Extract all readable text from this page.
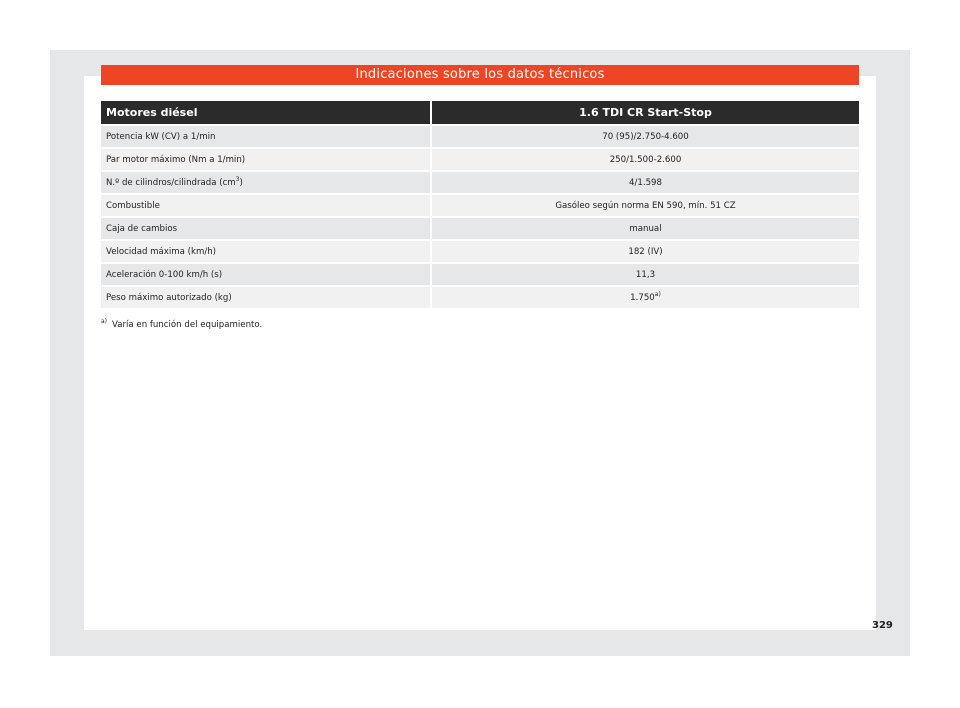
Indicaciones sobre los datos técnicos
Motores diésel	1.6 TDI CR Start-Stop
Potencia kW (CV) a 1/min	70 (95)/2.750-4.600
Par motor máximo (Nm a 1/min)	250/1.500-2.600
N.º de cilindros/cilindrada $(cm^3)$	4/1.598
Combustible	Gasóleo según norma EN 590, mín. 51 CZ
Caja de cambios	manual
Velocidad máxima (km/h)	182 (IV)
Aceleración 0-100 km/h (s)	11,3
Peso máximo autorizado (kg)	1.750$^{a)}$
$^{a)}$ Varía en función del equipamiento.
329
